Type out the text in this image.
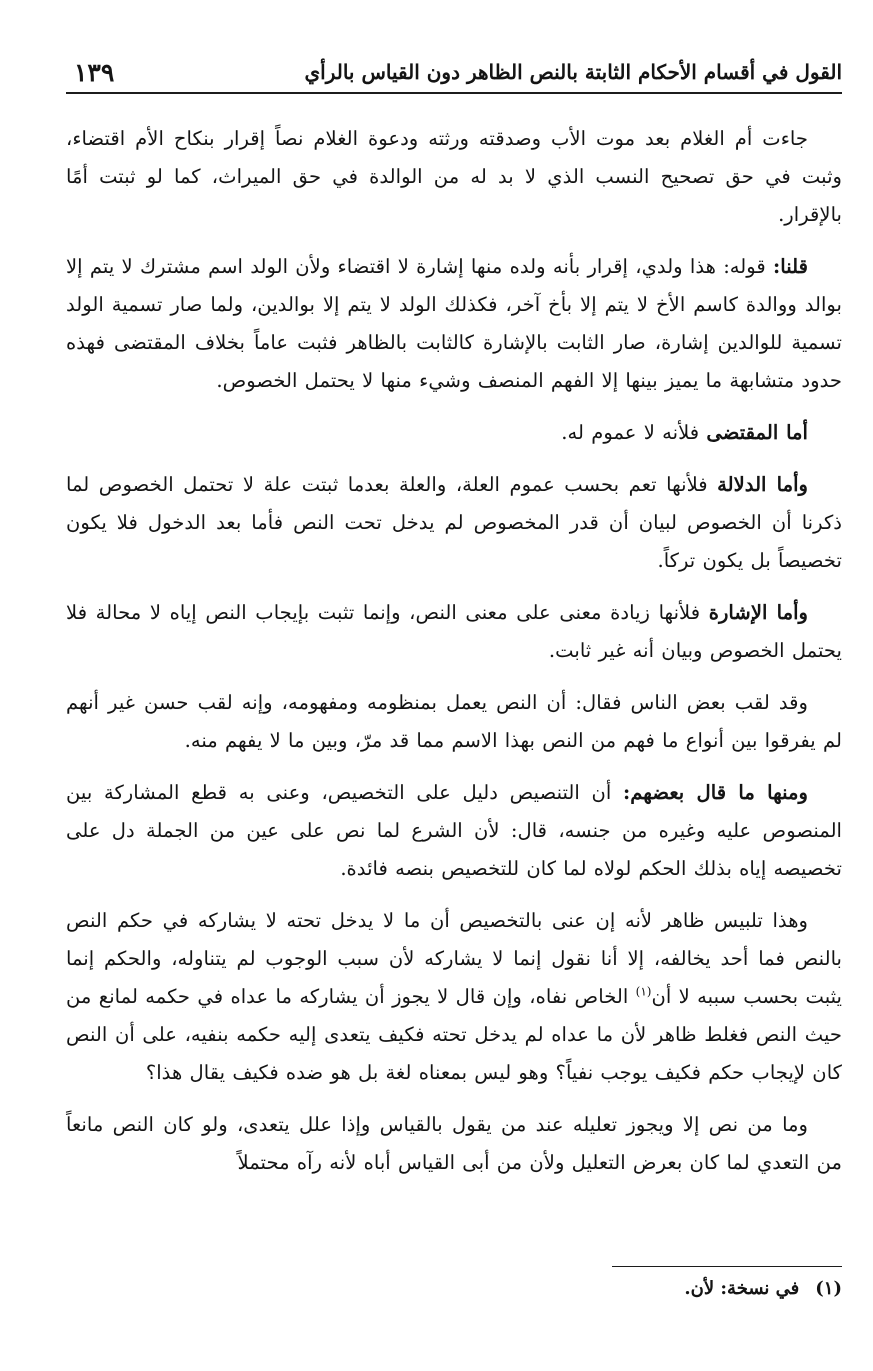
القول في أقسام الأحكام الثابتة بالنص الظاهر دون القياس بالرأي
١٣٩

جاءت أم الغلام بعد موت الأب وصدقته ورثته ودعوة الغلام نصاً إقرار بنكاح الأم اقتضاء، وثبت في حق تصحيح النسب الذي لا بد له من الوالدة في حق الميراث، كما لو ثبتت أمًا بالإقرار.

قلنا: قوله: هذا ولدي، إقرار بأنه ولده منها إشارة لا اقتضاء ولأن الولد اسم مشترك لا يتم إلا بوالد ووالدة كاسم الأخ لا يتم إلا بأخ آخر، فكذلك الولد لا يتم إلا بوالدين، ولما صار تسمية الولد تسمية للوالدين إشارة، صار الثابت بالإشارة كالثابت بالظاهر فثبت عاماً بخلاف المقتضى فهذه حدود متشابهة ما يميز بينها إلا الفهم المنصف وشيء منها لا يحتمل الخصوص.

أما المقتضى فلأنه لا عموم له.

وأما الدلالة فلأنها تعم بحسب عموم العلة، والعلة بعدما ثبتت علة لا تحتمل الخصوص لما ذكرنا أن الخصوص لبيان أن قدر المخصوص لم يدخل تحت النص فأما بعد الدخول فلا يكون تخصيصاً بل يكون تركاً.

وأما الإشارة فلأنها زيادة معنى على معنى النص، وإنما تثبت بإيجاب النص إياه لا محالة فلا يحتمل الخصوص وبيان أنه غير ثابت.

وقد لقب بعض الناس فقال: أن النص يعمل بمنظومه ومفهومه، وإنه لقب حسن غير أنهم لم يفرقوا بين أنواع ما فهم من النص بهذا الاسم مما قد مرّ، وبين ما لا يفهم منه.

ومنها ما قال بعضهم: أن التنصيص دليل على التخصيص، وعنى به قطع المشاركة بين المنصوص عليه وغيره من جنسه، قال: لأن الشرع لما نص على عين من الجملة دل على تخصيصه إياه بذلك الحكم لولاه لما كان للتخصيص بنصه فائدة.

وهذا تلبيس ظاهر لأنه إن عنى بالتخصيص أن ما لا يدخل تحته لا يشاركه في حكم النص بالنص فما أحد يخالفه، إلا أنا نقول إنما لا يشاركه لأن سبب الوجوب لم يتناوله، والحكم إنما يثبت بحسب سببه لا أن$^{(١)}$ الخاص نفاه، وإن قال لا يجوز أن يشاركه ما عداه في حكمه لمانع من حيث النص فغلط ظاهر لأن ما عداه لم يدخل تحته فكيف يتعدى إليه حكمه بنفيه، على أن النص كان لإيجاب حكم فكيف يوجب نفياً؟ وهو ليس بمعناه لغة بل هو ضده فكيف يقال هذا؟

وما من نص إلا ويجوز تعليله عند من يقول بالقياس وإذا علل يتعدى، ولو كان النص مانعاً من التعدي لما كان بعرض التعليل ولأن من أبى القياس أباه لأنه رآه محتملاً

(١)في نسخة: لأن.
